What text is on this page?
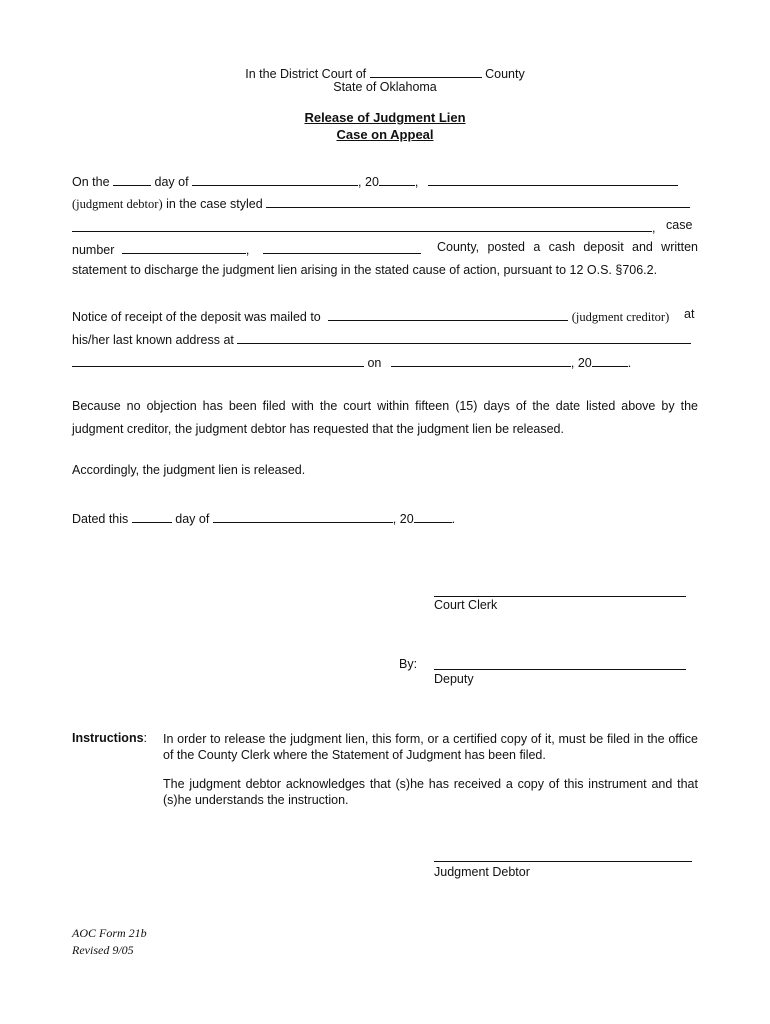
In the District Court of	County
State of Oklahoma
Release of Judgment Lien
Case on Appeal
On the	day of	, 20	,
(judgment debtor) in the case styled
, case
number	,	County, posted a cash deposit and written
statement to discharge the judgment lien arising in the stated cause of action, pursuant to 12 O.S. §706.2.
Notice of receipt of the deposit was mailed to	(judgment creditor) at
his/her last known address at
on	, 20	.
Because no objection has been filed with the court within fifteen (15) days of the date listed above by the judgment creditor, the judgment debtor has requested that the judgment lien be released.
Accordingly, the judgment lien is released.
Dated this	day of	, 20	.
Court Clerk
By:
Deputy
Instructions: In order to release the judgment lien, this form, or a certified copy of it, must be filed in the office of the County Clerk where the Statement of Judgment has been filed.
The judgment debtor acknowledges that (s)he has received a copy of this instrument and that (s)he understands the instruction.
Judgment Debtor
AOC Form 21b
Revised 9/05
